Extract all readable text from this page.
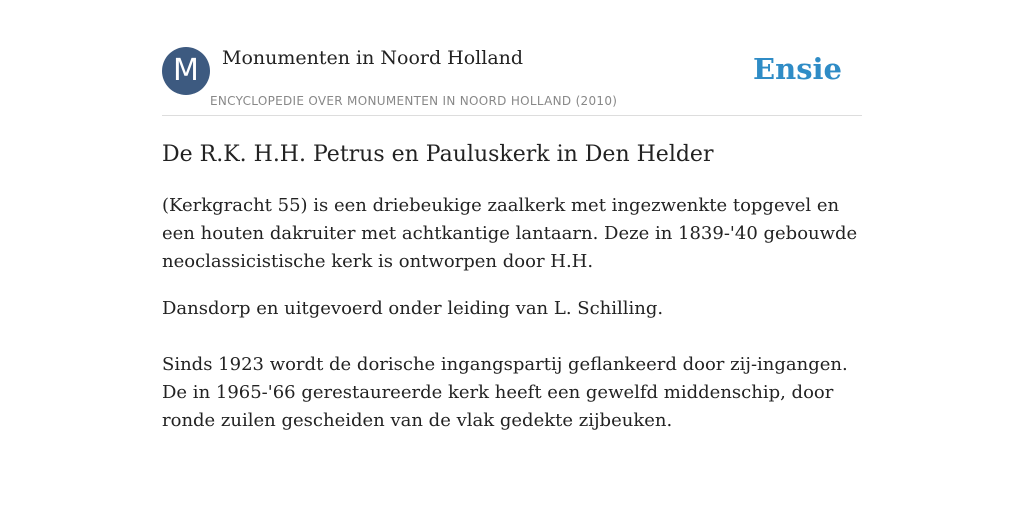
M	Monumenten in Noord Holland
ENCYCLOPEDIE OVER MONUMENTEN IN NOORD HOLLAND (2010)
Ensie
De R.K. H.H. Petrus en Pauluskerk in Den Helder

(Kerkgracht 55) is een driebeukige zaalkerk met ingezwenkte topgevel en een houten dakruiter met achtkantige lantaarn. Deze in 1839-'40 gebouwde neoclassicistische kerk is ontworpen door H.H.

Dansdorp en uitgevoerd onder leiding van L. Schilling.

Sinds 1923 wordt de dorische ingangspartij geflankeerd door zij-ingangen. De in 1965-'66 gerestaureerde kerk heeft een gewelfd middenschip, door ronde zuilen gescheiden van de vlak gedekte zijbeuken.
